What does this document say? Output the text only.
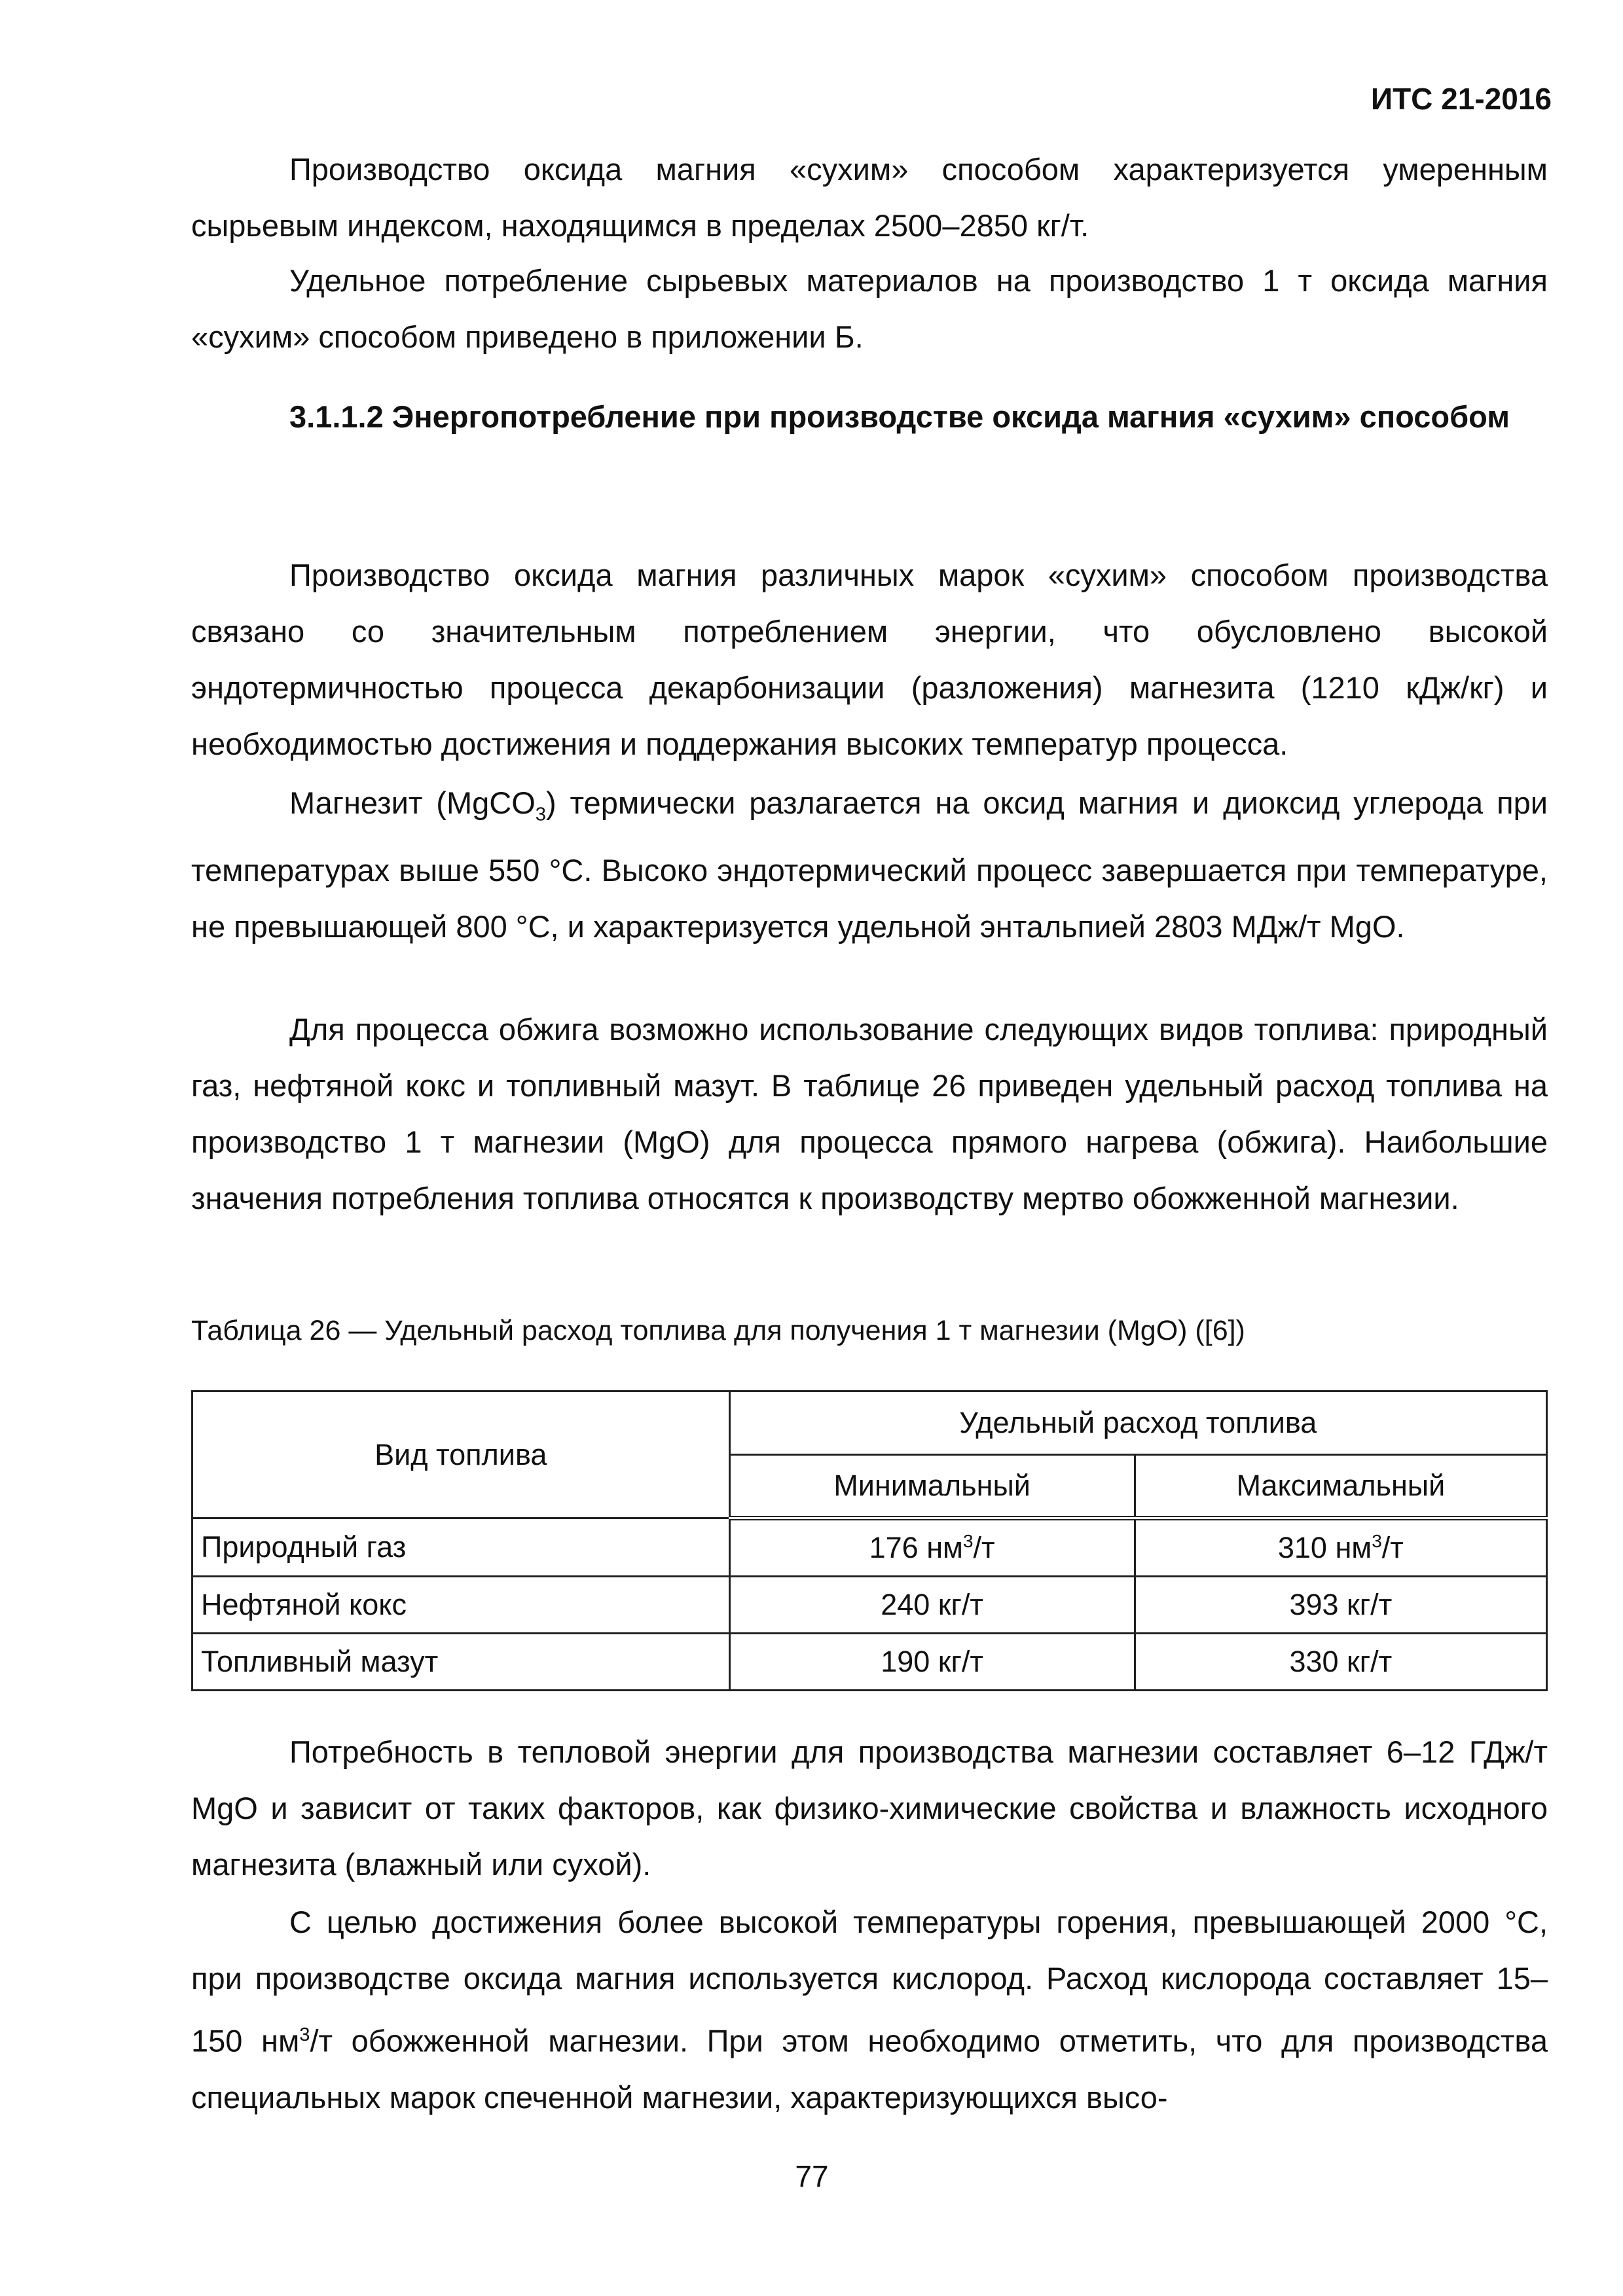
ИТС 21-2016

Производство оксида магния «сухим» способом характеризуется умеренным сырьевым индексом, находящимся в пределах 2500–2850 кг/т.

Удельное потребление сырьевых материалов на производство 1 т оксида магния «сухим» способом приведено в приложении Б.

3.1.1.2 Энергопотребление при производстве оксида магния «сухим» способом

Производство оксида магния различных марок «сухим» способом производства связано со значительным потреблением энергии, что обусловлено высокой эндотермичностью процесса декарбонизации (разложения) магнезита (1210 кДж/кг) и необходимостью достижения и поддержания высоких температур процесса.

Магнезит (MgCO$_3$) термически разлагается на оксид магния и диоксид углерода при температурах выше 550 °С. Высоко эндотермический процесс завершается при температуре, не превышающей 800 °С, и характеризуется удельной энтальпией 2803 МДж/т MgO.

Для процесса обжига возможно использование следующих видов топлива: природный газ, нефтяной кокс и топливный мазут. В таблице 26 приведен удельный расход топлива на производство 1 т магнезии (MgO) для процесса прямого нагрева (обжига). Наибольшие значения потребления топлива относятся к производству мертво обожженной магнезии.

Таблица 26 — Удельный расход топлива для получения 1 т магнезии (MgO) ([6])
Вид топлива	Удельный расход топлива	
	Минимальный	Максимальный
Природный газ	176 $нм^3/т$	310 $нм^3/т$
Нефтяной кокс	240 кг/т	393 кг/т
Топливный мазут	190 кг/т	330 кг/т

Потребность в тепловой энергии для производства магнезии составляет 6–12 ГДж/т MgO и зависит от таких факторов, как физико-химические свойства и влажность исходного магнезита (влажный или сухой).

С целью достижения более высокой температуры горения, превышающей 2000 °С, при производстве оксида магния используется кислород. Расход кислорода составляет 15–150 $нм^3/т$ обожженной магнезии. При этом необходимо отметить, что для производства специальных марок спеченной магнезии, характеризующихся высо-

77
